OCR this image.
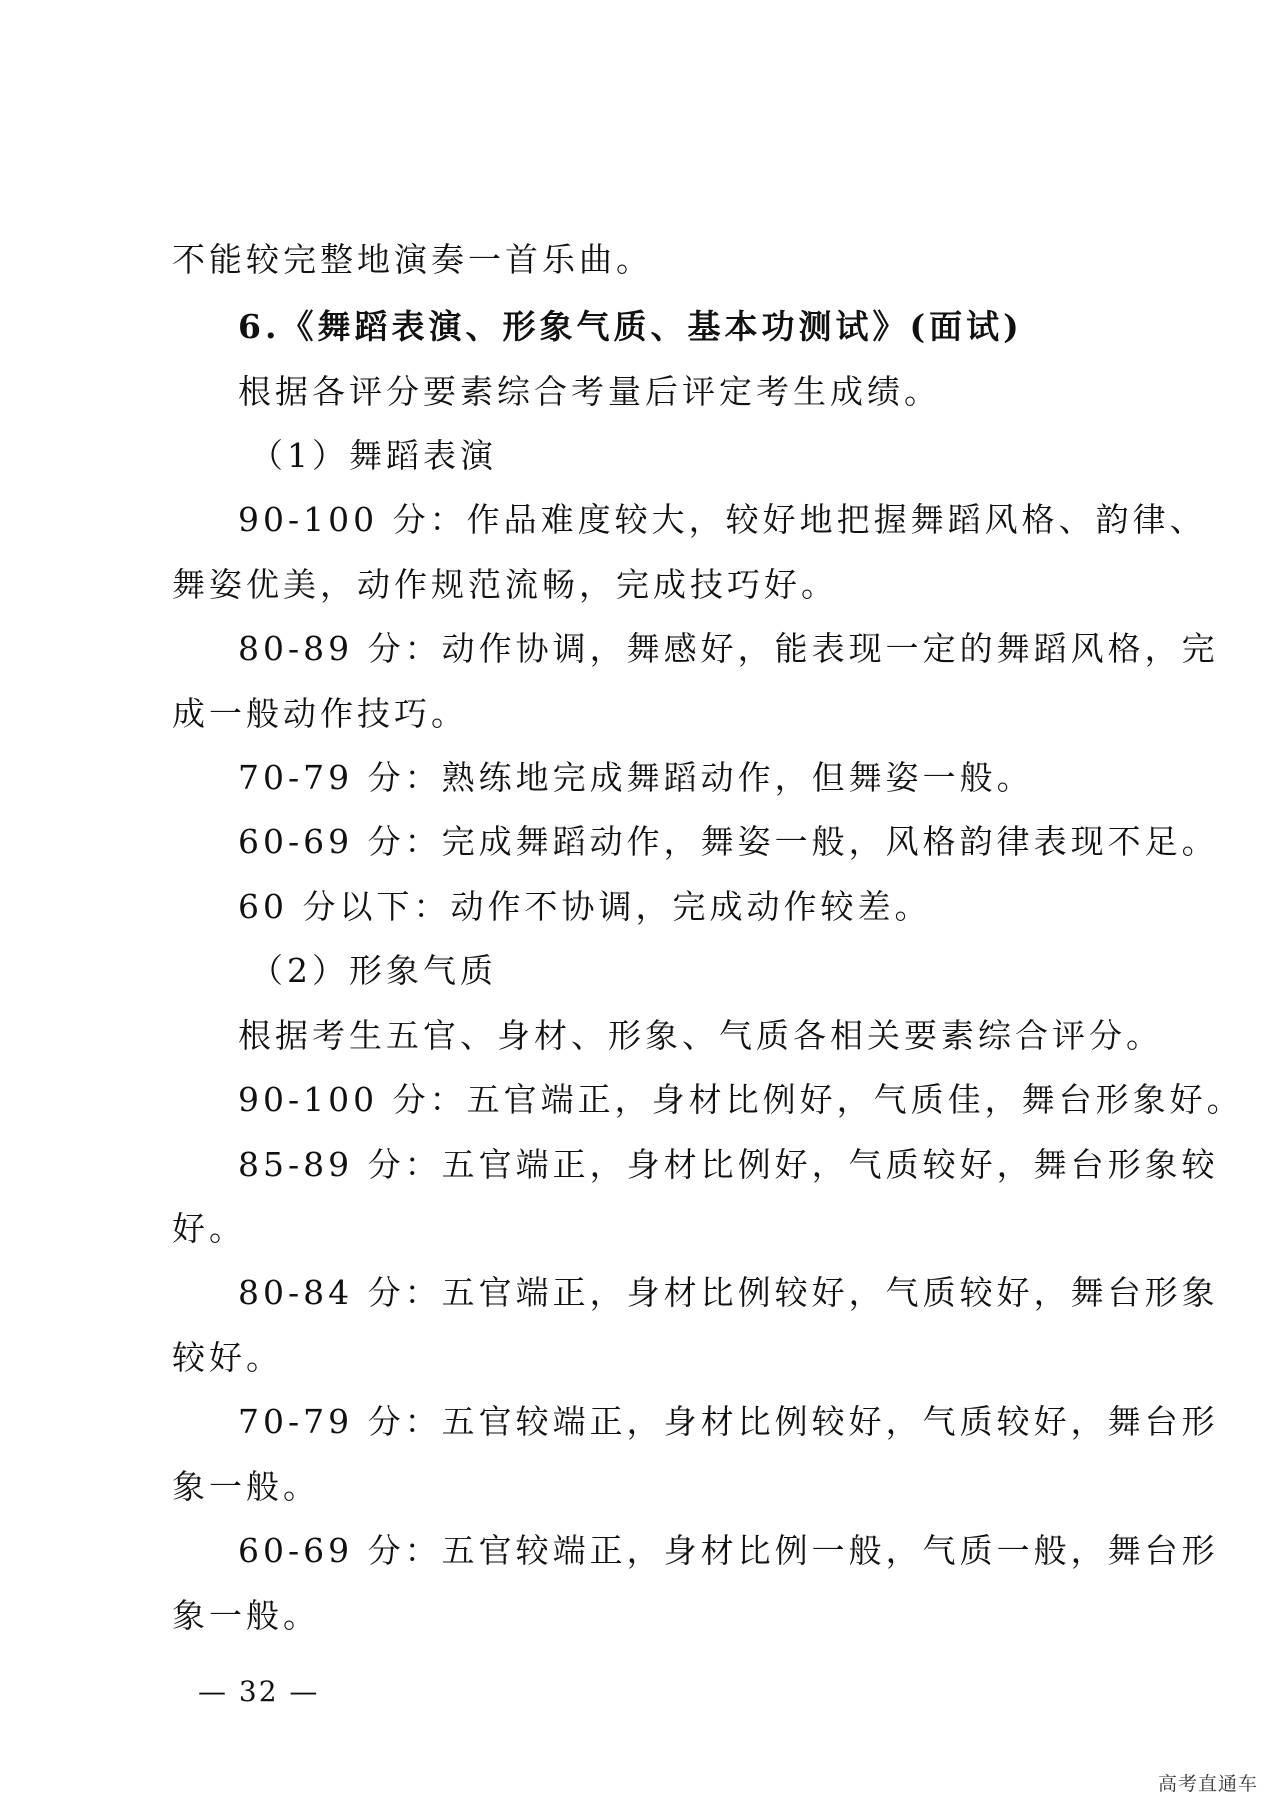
不能较完整地演奏一首乐曲。
6.《舞蹈表演、形象气质、基本功测试》(面试)
根据各评分要素综合考量后评定考生成绩。
（1）舞蹈表演
90-100 分：作品难度较大，较好地把握舞蹈风格、韵律、
舞姿优美，动作规范流畅，完成技巧好。
80-89 分：动作协调，舞感好，能表现一定的舞蹈风格，完
成一般动作技巧。
70-79 分：熟练地完成舞蹈动作，但舞姿一般。
60-69 分：完成舞蹈动作，舞姿一般，风格韵律表现不足。
60 分以下：动作不协调，完成动作较差。
（2）形象气质
根据考生五官、身材、形象、气质各相关要素综合评分。
90-100 分：五官端正，身材比例好，气质佳，舞台形象好。
85-89 分：五官端正，身材比例好，气质较好，舞台形象较
好。
80-84 分：五官端正，身材比例较好，气质较好，舞台形象
较好。
70-79 分：五官较端正，身材比例较好，气质较好，舞台形
象一般。
60-69 分：五官较端正，身材比例一般，气质一般，舞台形
象一般。
— 32 —
高考直通车
